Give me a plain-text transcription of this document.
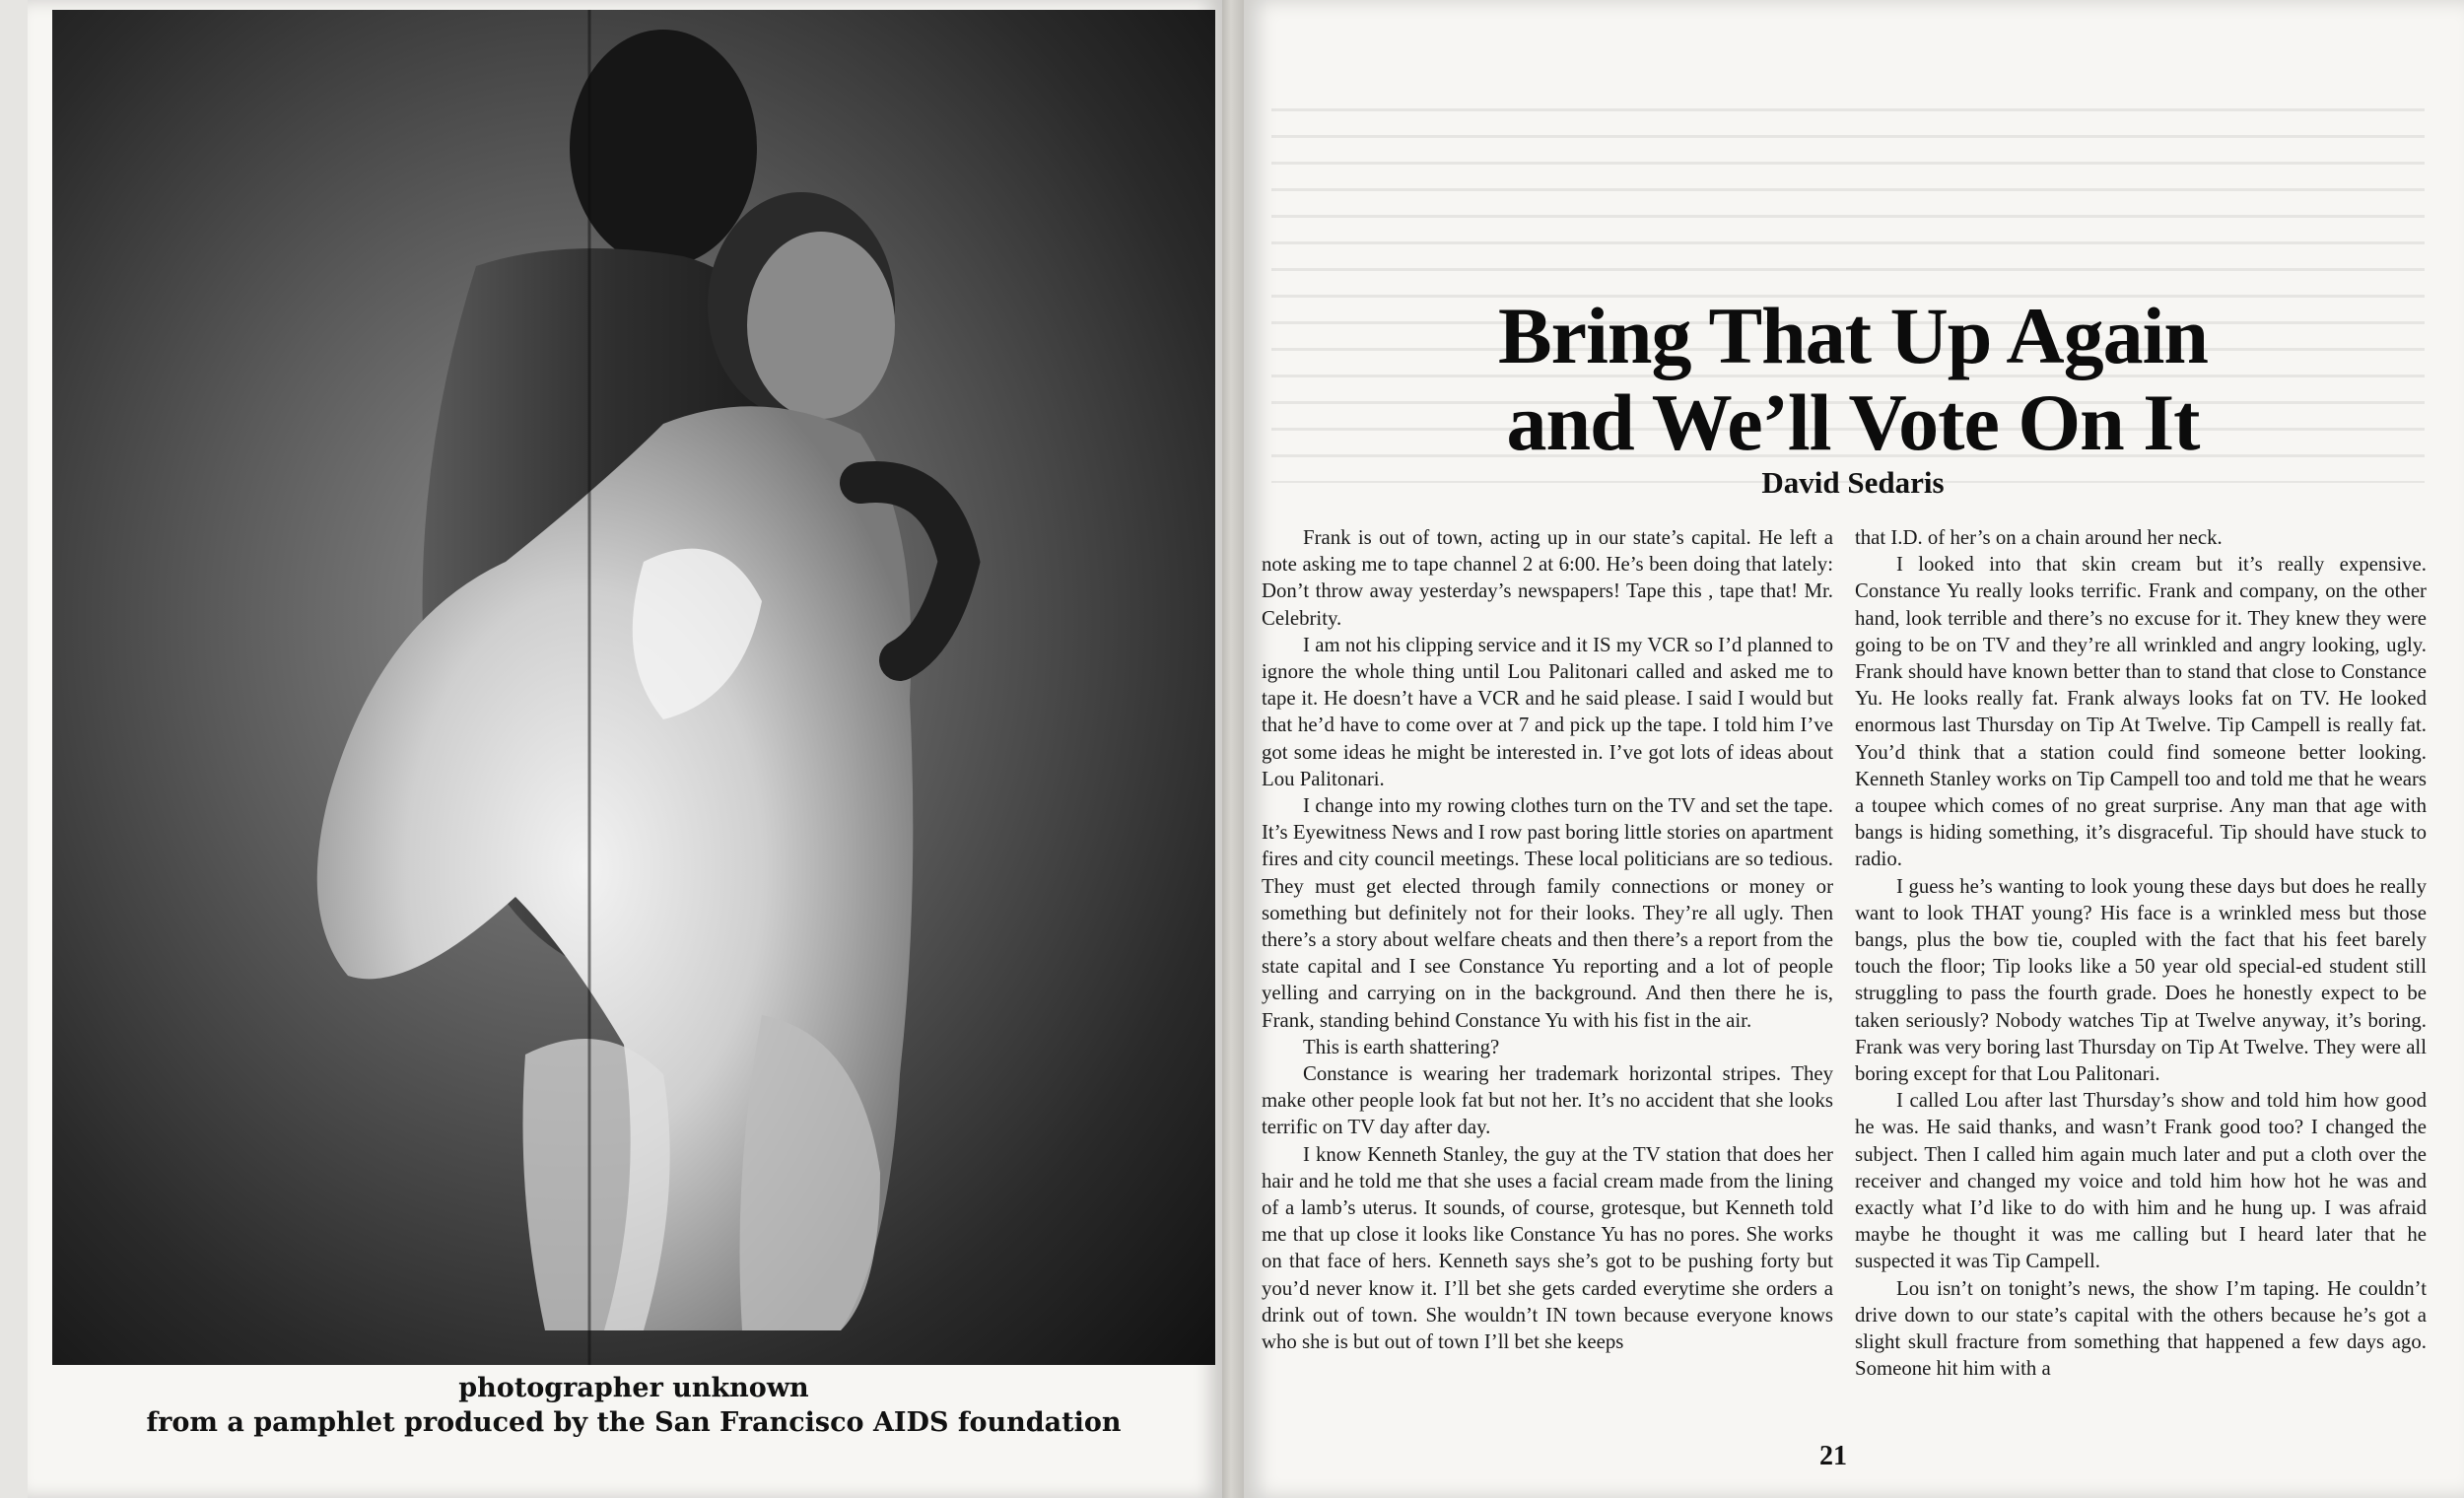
photographer unknown
from a pamphlet produced by the San Francisco AIDS foundation
Bring That Up Again
and We’ll Vote On It
David Sedaris

Frank is out of town, acting up in our state’s capital. He left a note asking me to tape channel 2 at 6:00. He’s been doing that lately: Don’t throw away yesterday’s newspapers! Tape this , tape that! Mr. Celebrity.

I am not his clipping service and it IS my VCR so I’d planned to ignore the whole thing until Lou Palitonari called and asked me to tape it. He doesn’t have a VCR and he said please. I said I would but that he’d have to come over at 7 and pick up the tape. I told him I’ve got some ideas he might be interested in. I’ve got lots of ideas about Lou Palitonari.

I change into my rowing clothes turn on the TV and set the tape. It’s Eyewitness News and I row past boring little stories on apartment fires and city council meetings. These local politicians are so tedious. They must get elected through family connections or money or something but definitely not for their looks. They’re all ugly. Then there’s a story about welfare cheats and then there’s a report from the state capital and I see Constance Yu reporting and a lot of people yelling and carrying on in the background. And then there he is, Frank, standing behind Constance Yu with his fist in the air.

This is earth shattering?

Constance is wearing her trademark horizontal stripes. They make other people look fat but not her. It’s no accident that she looks terrific on TV day after day.

I know Kenneth Stanley, the guy at the TV station that does her hair and he told me that she uses a facial cream made from the lining of a lamb’s uterus. It sounds, of course, grotesque, but Kenneth told me that up close it looks like Constance Yu has no pores. She works on that face of hers. Kenneth says she’s got to be pushing forty but you’d never know it. I’ll bet she gets carded everytime she orders a drink out of town. She wouldn’t IN town because everyone knows who she is but out of town I’ll bet she keeps

that I.D. of her’s on a chain around her neck.

I looked into that skin cream but it’s really expensive. Constance Yu really looks terrific. Frank and company, on the other hand, look terrible and there’s no excuse for it. They knew they were going to be on TV and they’re all wrinkled and angry looking, ugly. Frank should have known better than to stand that close to Constance Yu. He looks really fat. Frank always looks fat on TV. He looked enormous last Thursday on Tip At Twelve. Tip Campell is really fat. You’d think that a station could find someone better looking. Kenneth Stanley works on Tip Campell too and told me that he wears a toupee which comes of no great surprise. Any man that age with bangs is hiding something, it’s disgraceful. Tip should have stuck to radio.

I guess he’s wanting to look young these days but does he really want to look THAT young? His face is a wrinkled mess but those bangs, plus the bow tie, coupled with the fact that his feet barely touch the floor; Tip looks like a 50 year old special-ed student still struggling to pass the fourth grade. Does he honestly expect to be taken seriously? Nobody watches Tip at Twelve anyway, it’s boring. Frank was very boring last Thursday on Tip At Twelve. They were all boring except for that Lou Palitonari.

I called Lou after last Thursday’s show and told him how good he was. He said thanks, and wasn’t Frank good too? I changed the subject. Then I called him again much later and put a cloth over the receiver and changed my voice and told him how hot he was and exactly what I’d like to do with him and he hung up. I was afraid maybe he thought it was me calling but I heard later that he suspected it was Tip Campell.

Lou isn’t on tonight’s news, the show I’m taping. He couldn’t drive down to our state’s capital with the others because he’s got a slight skull fracture from something that happened a few days ago. Someone hit him with a

21
